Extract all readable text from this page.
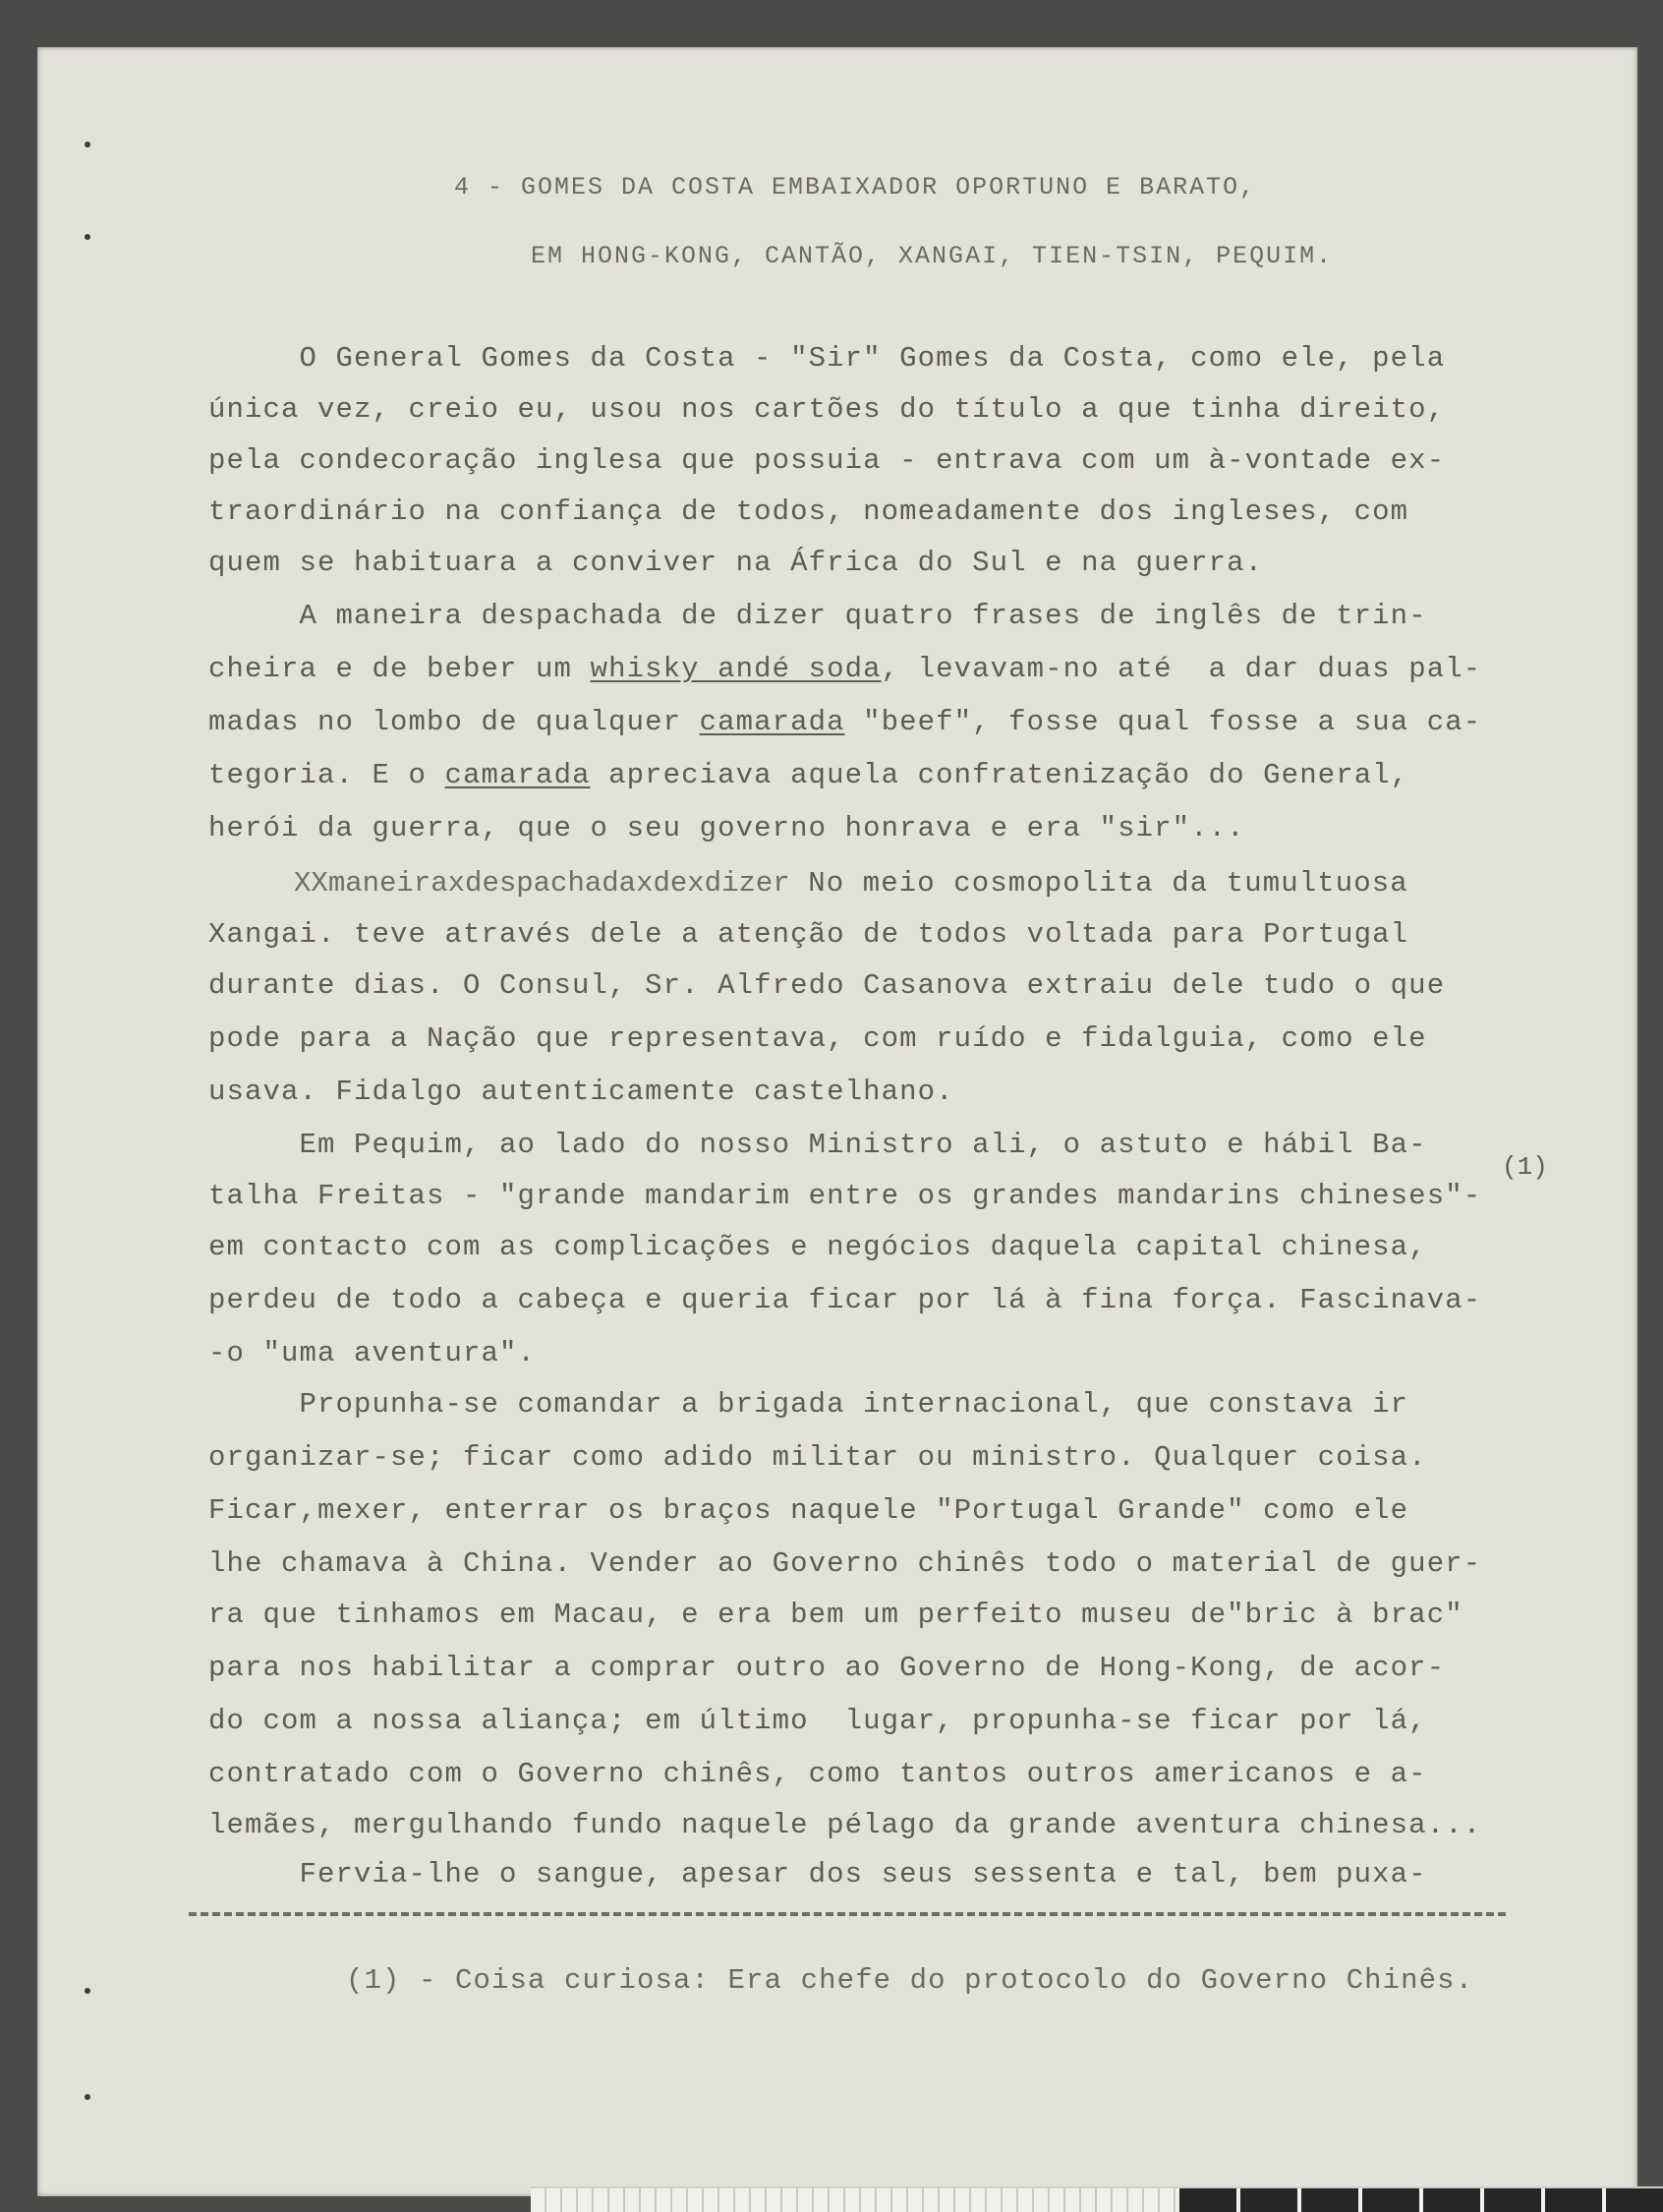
4 - GOMES DA COSTA EMBAIXADOR OPORTUNO E BARATO,
EM HONG-KONG, CANTÃO, XANGAI, TIEN-TSIN, PEQUIM.
O General Gomes da Costa - "Sir" Gomes da Costa, como ele, pela
única vez, creio eu, usou nos cartões do título a que tinha direito,
pela condecoração inglesa que possuia - entrava com um à-vontade ex-
traordinário na confiança de todos, nomeadamente dos ingleses, com
quem se habituara a conviver na África do Sul e na guerra.
A maneira despachada de dizer quatro frases de inglês de trin-
cheira e de beber um whisky andé soda, levavam-no até  a dar duas pal-
madas no lombo de qualquer camarada "beef", fosse qual fosse a sua ca-
tegoria. E o camarada apreciava aquela confratenização do General,
herói da guerra, que o seu governo honrava e era "sir"...
XXmaneiraxdespachadaxdexdizer No meio cosmopolita da tumultuosa
Xangai. teve através dele a atenção de todos voltada para Portugal
durante dias. O Consul, Sr. Alfredo Casanova extraiu dele tudo o que
pode para a Nação que representava, com ruído e fidalguia, como ele
usava. Fidalgo autenticamente castelhano.
Em Pequim, ao lado do nosso Ministro ali, o astuto e hábil Ba-
(1)
talha Freitas - "grande mandarim entre os grandes mandarins chineses"-
em contacto com as complicações e negócios daquela capital chinesa,
perdeu de todo a cabeça e queria ficar por lá à fina força. Fascinava-
-o "uma aventura".
Propunha-se comandar a brigada internacional, que constava ir
organizar-se; ficar como adido militar ou ministro. Qualquer coisa.
Ficar,mexer, enterrar os braços naquele "Portugal Grande" como ele
lhe chamava à China. Vender ao Governo chinês todo o material de guer-
ra que tinhamos em Macau, e era bem um perfeito museu de"bric à brac"
para nos habilitar a comprar outro ao Governo de Hong-Kong, de acor-
do com a nossa aliança; em último  lugar, propunha-se ficar por lá,
contratado com o Governo chinês, como tantos outros americanos e a-
lemães, mergulhando fundo naquele pélago da grande aventura chinesa...
Fervia-lhe o sangue, apesar dos seus sessenta e tal, bem puxa-
(1) - Coisa curiosa: Era chefe do protocolo do Governo Chinês.
